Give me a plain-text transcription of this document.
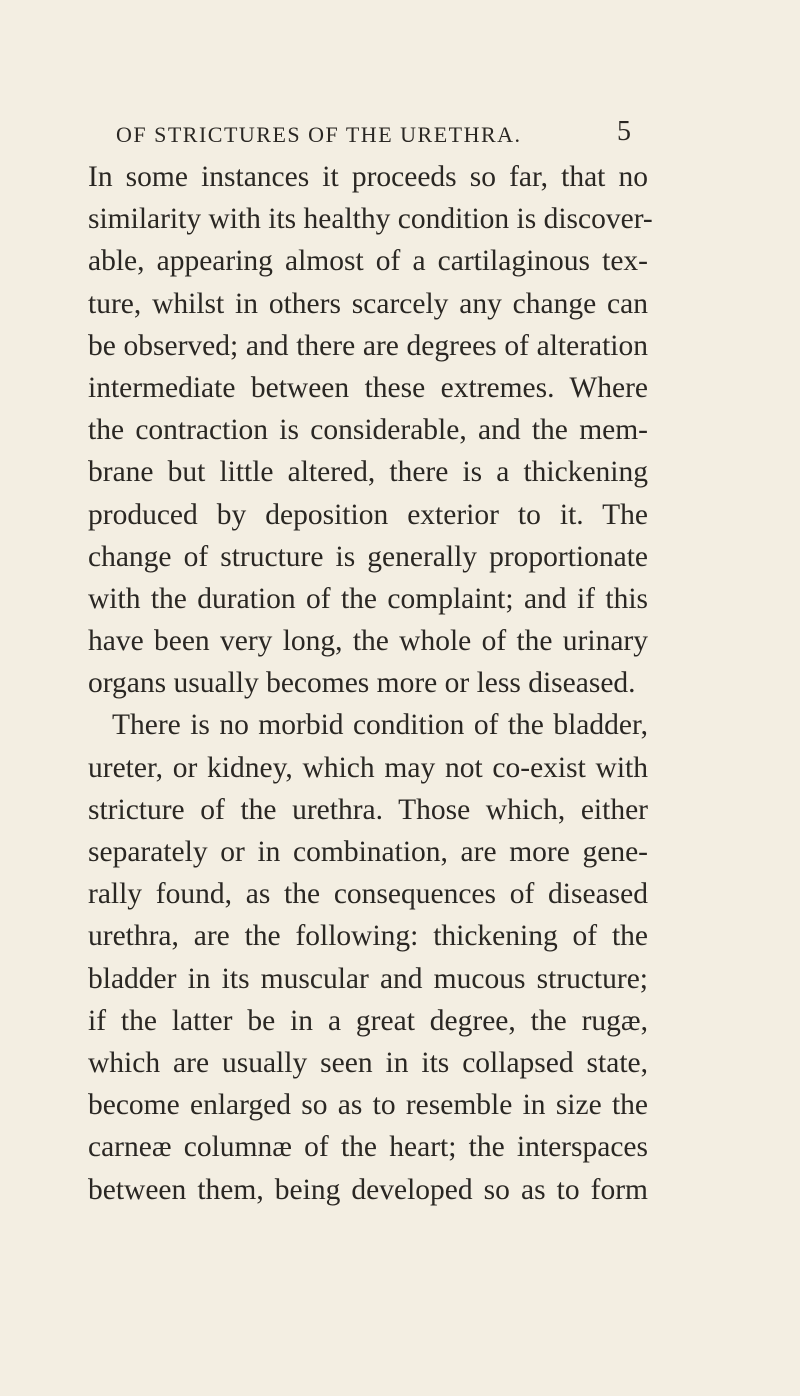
OF STRICTURES OF THE URETHRA.	5
In some instances it proceeds so far, that no
similarity with its healthy condition is discover-
able, appearing almost of a cartilaginous tex-
ture, whilst in others scarcely any change can
be observed; and there are degrees of alteration
intermediate between these extremes. Where
the contraction is considerable, and the mem-
brane but little altered, there is a thickening
produced by deposition exterior to it. The
change of structure is generally proportionate
with the duration of the complaint; and if this
have been very long, the whole of the urinary
organs usually becomes more or less diseased.
There is no morbid condition of the bladder,
ureter, or kidney, which may not co-exist with
stricture of the urethra. Those which, either
separately or in combination, are more gene-
rally found, as the consequences of diseased
urethra, are the following: thickening of the
bladder in its muscular and mucous structure;
if the latter be in a great degree, the rugæ,
which are usually seen in its collapsed state,
become enlarged so as to resemble in size the
carneæ columnæ of the heart; the interspaces
between them, being developed so as to form
